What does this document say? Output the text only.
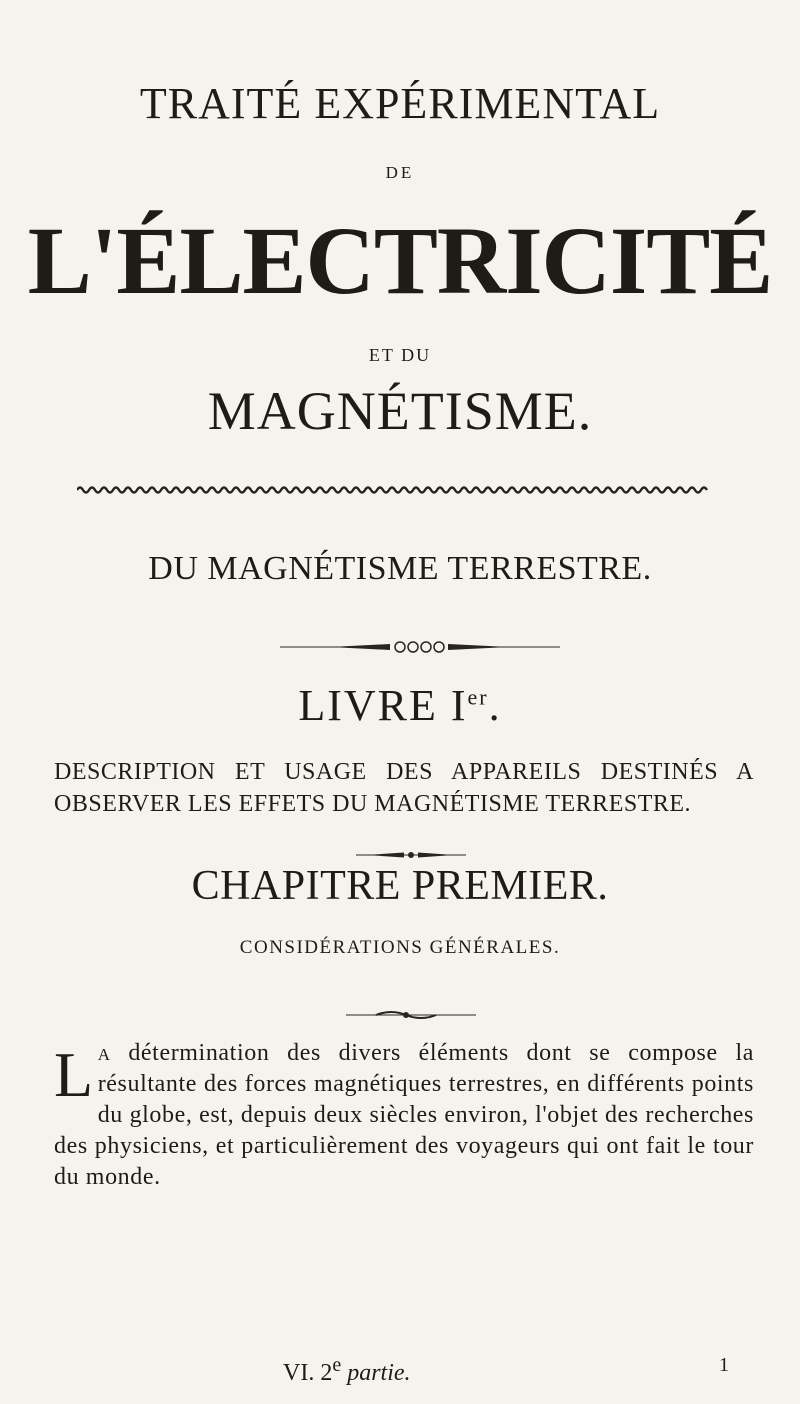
TRAITÉ EXPÉRIMENTAL
DE
L'ÉLECTRICITÉ
ET DU
MAGNÉTISME.
DU MAGNÉTISME TERRESTRE.
LIVRE Ier.
DESCRIPTION ET USAGE DES APPAREILS DESTINÉS A OBSERVER LES EFFETS DU MAGNÉTISME TERRESTRE.
CHAPITRE PREMIER.
CONSIDÉRATIONS GÉNÉRALES.
La détermination des divers éléments dont se compose la résultante des forces magnétiques terrestres, en différents points du globe, est, depuis deux siècles environ, l'objet des recherches des physiciens, et particulièrement des voyageurs qui ont fait le tour du monde.
VI. 2e partie.	1
